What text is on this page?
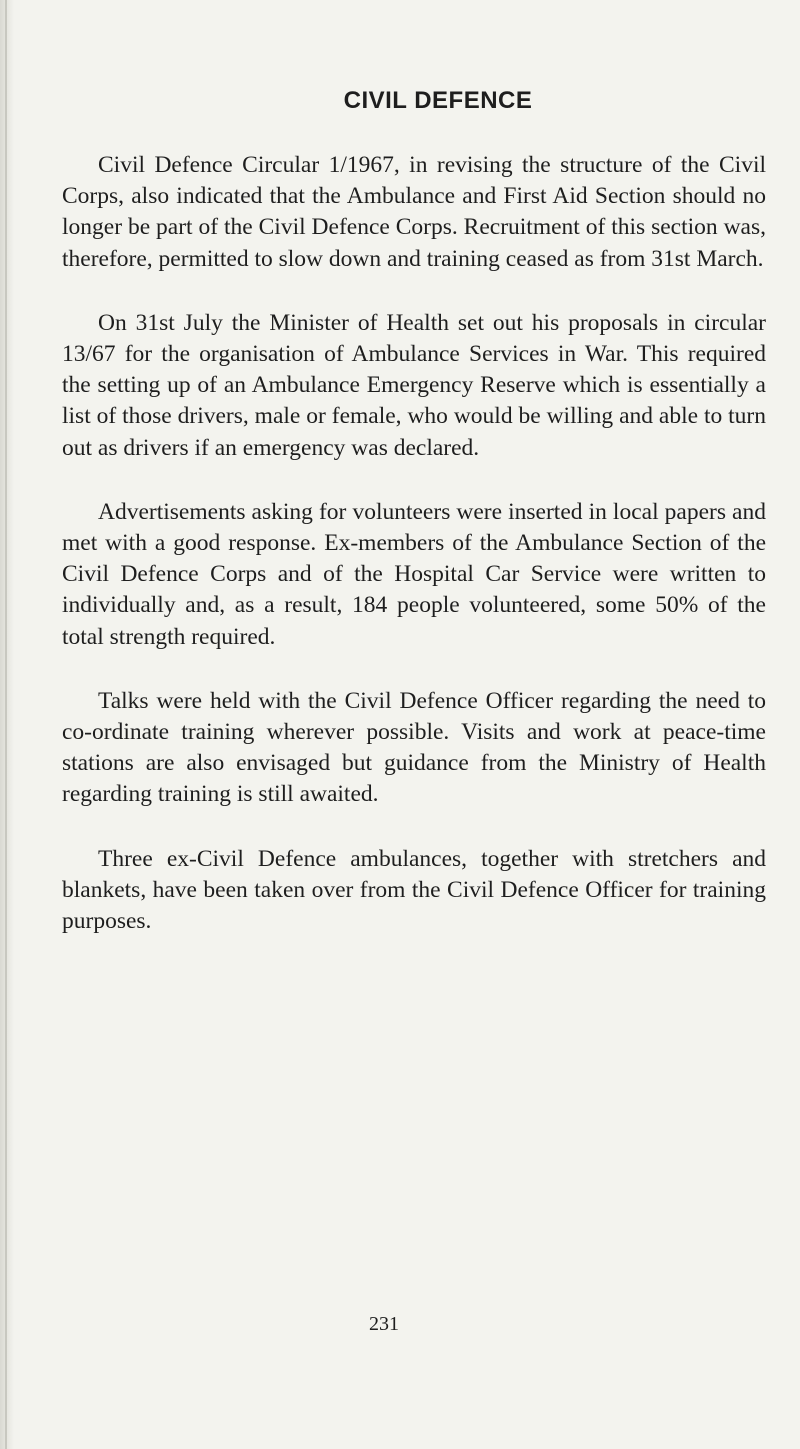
CIVIL DEFENCE

Civil Defence Circular 1/1967, in revising the structure of the Civil Corps, also indicated that the Ambulance and First Aid Section should no longer be part of the Civil Defence Corps. Recruitment of this section was, therefore, permitted to slow down and training ceased as from 31st March.

On 31st July the Minister of Health set out his proposals in circular 13/67 for the organisation of Ambulance Services in War. This required the setting up of an Ambulance Emergency Reserve which is essentially a list of those drivers, male or female, who would be willing and able to turn out as drivers if an emergency was declared.

Advertisements asking for volunteers were inserted in local papers and met with a good response. Ex-members of the Ambulance Section of the Civil Defence Corps and of the Hospital Car Service were written to individually and, as a result, 184 people volunteered, some 50% of the total strength required.

Talks were held with the Civil Defence Officer regarding the need to co-ordinate training wherever possible. Visits and work at peace-time stations are also envisaged but guidance from the Ministry of Health regarding training is still awaited.

Three ex-Civil Defence ambulances, together with stretchers and blankets, have been taken over from the Civil Defence Officer for training purposes.

231
